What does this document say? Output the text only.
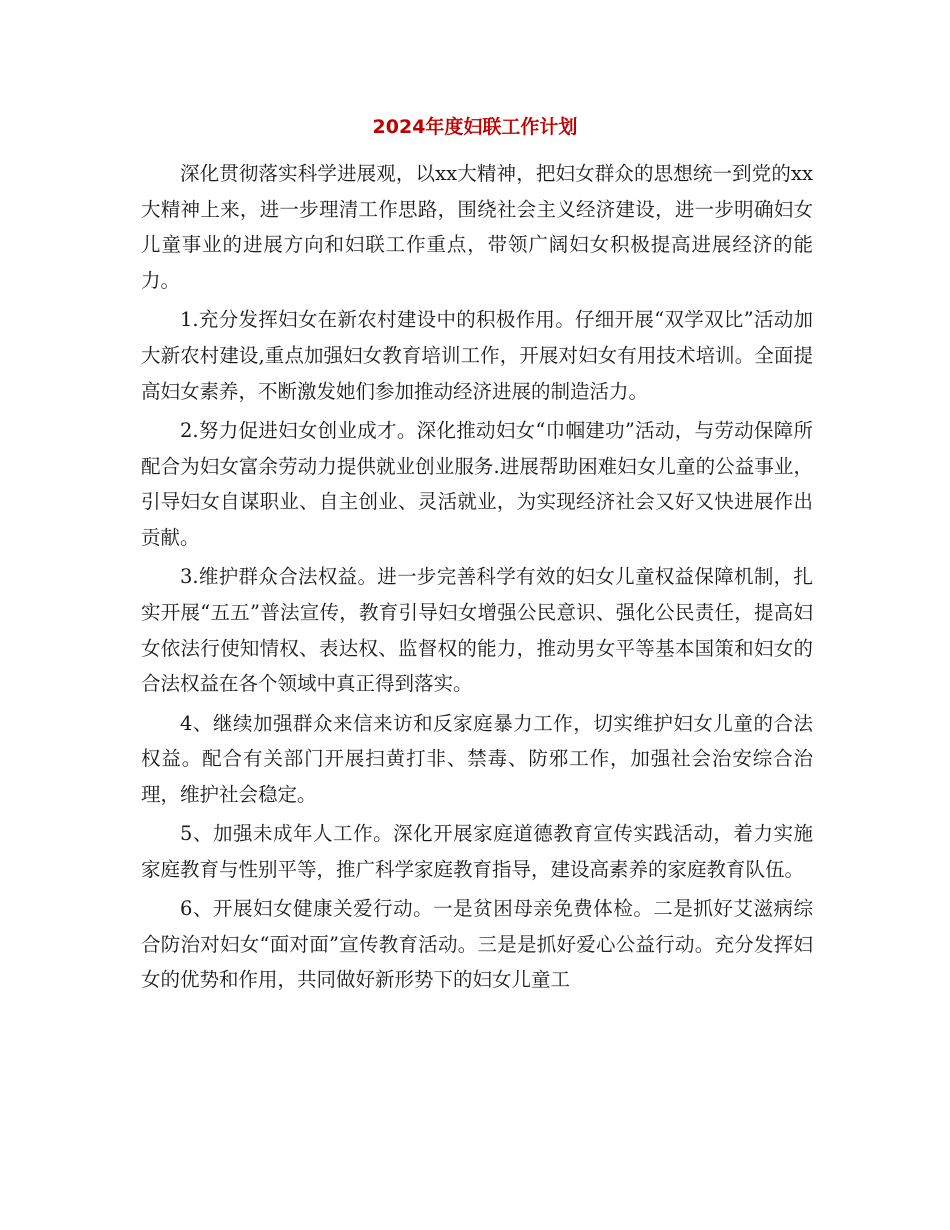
2024年度妇联工作计划

深化贯彻落实科学进展观，以xx大精神，把妇女群众的思想统一到党的xx大精神上来，进一步理清工作思路，围绕社会主义经济建设，进一步明确妇女儿童事业的进展方向和妇联工作重点，带领广阔妇女积极提高进展经济的能力。

1.充分发挥妇女在新农村建设中的积极作用。仔细开展“双学双比”活动加大新农村建设,重点加强妇女教育培训工作，开展对妇女有用技术培训。全面提高妇女素养，不断激发她们参加推动经济进展的制造活力。

2.努力促进妇女创业成才。深化推动妇女“巾帼建功”活动，与劳动保障所配合为妇女富余劳动力提供就业创业服务.进展帮助困难妇女儿童的公益事业，引导妇女自谋职业、自主创业、灵活就业，为实现经济社会又好又快进展作出贡献。

3.维护群众合法权益。进一步完善科学有效的妇女儿童权益保障机制，扎实开展“五五”普法宣传，教育引导妇女增强公民意识、强化公民责任，提高妇女依法行使知情权、表达权、监督权的能力，推动男女平等基本国策和妇女的合法权益在各个领域中真正得到落实。

4、继续加强群众来信来访和反家庭暴力工作，切实维护妇女儿童的合法权益。配合有关部门开展扫黄打非、禁毒、防邪工作，加强社会治安综合治理，维护社会稳定。

5、加强未成年人工作。深化开展家庭道德教育宣传实践活动，着力实施家庭教育与性别平等，推广科学家庭教育指导，建设高素养的家庭教育队伍。

6、开展妇女健康关爱行动。一是贫困母亲免费体检。二是抓好艾滋病综合防治对妇女“面对面”宣传教育活动。三是是抓好爱心公益行动。充分发挥妇女的优势和作用，共同做好新形势下的妇女儿童工
